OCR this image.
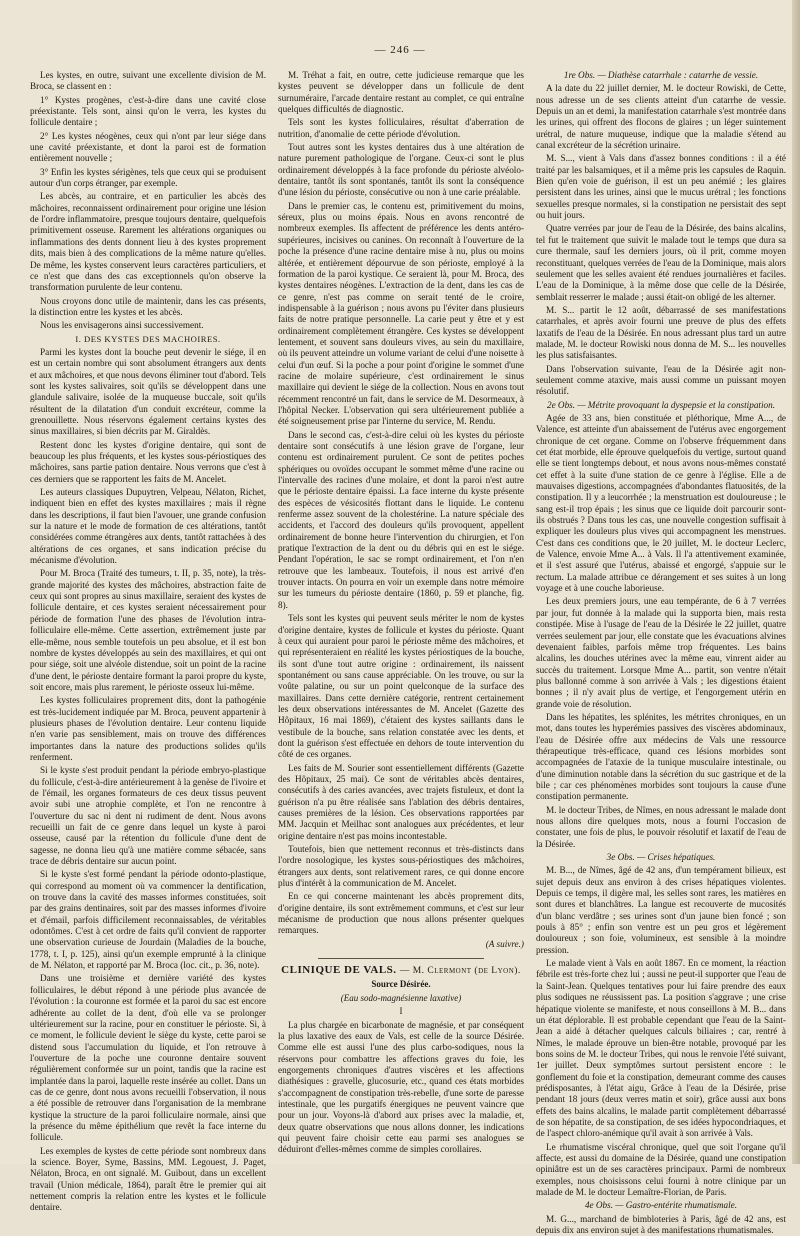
— 246 —

Les kystes, en outre, suivant une excellente division de M. Broca, se classent en :

1° Kystes progènes, c'est-à-dire dans une cavité close préexistante. Tels sont, ainsi qu'on le verra, les kystes du follicule dentaire ;

2° Les kystes néogènes, ceux qui n'ont par leur siége dans une cavité préexistante, et dont la paroi est de formation entièrement nouvelle ;

3° Enfin les kystes sérigènes, tels que ceux qui se produisent autour d'un corps étranger, par exemple.

Les abcès, au contraire, et en particulier les abcès des mâchoires, reconnaissent ordinairement pour origine une lésion de l'ordre inflammatoire, presque toujours dentaire, quelquefois primitivement osseuse. Rarement les altérations organiques ou inflammations des dents donnent lieu à des kystes proprement dits, mais bien à des complications de la même nature qu'elles. De même, les kystes conservent leurs caractères particuliers, et ce n'est que dans des cas exceptionnels qu'on observe la transformation purulente de leur contenu.

Nous croyons donc utile de maintenir, dans les cas présents, la distinction entre les kystes et les abcès.

Nous les envisagerons ainsi successivement.

I. DES KYSTES DES MACHOIRES.

Parmi les kystes dont la bouche peut devenir le siége, il en est un certain nombre qui sont absolument étrangers aux dents et aux mâchoires, et que nous devons éliminer tout d'abord. Tels sont les kystes salivaires, soit qu'ils se développent dans une glandule salivaire, isolée de la muqueuse buccale, soit qu'ils résultent de la dilatation d'un conduit excréteur, comme la grenouillette. Nous réservons également certains kystes des sinus maxillaires, si bien décrits par M. Giraldès.

Restent donc les kystes d'origine dentaire, qui sont de beaucoup les plus fréquents, et les kystes sous-périostiques des mâchoires, sans partie pation dentaire. Nous verrons que c'est à ces derniers que se rapportent les faits de M. Ancelet.

Les auteurs classiques Dupuytren, Velpeau, Nélaton, Richet, indiquent bien en effet des kystes maxillaires ; mais il règne dans les descriptions, il faut bien l'avouer, une grande confusion sur la nature et le mode de formation de ces altérations, tantôt considérées comme étrangères aux dents, tantôt rattachées à des altérations de ces organes, et sans indication précise du mécanisme d'évolution.

Pour M. Broca (Traité des tumeurs, t. II, p. 35, note), la très-grande majorité des kystes des mâchoires, abstraction faite de ceux qui sont propres au sinus maxillaire, seraient des kystes de follicule dentaire, et ces kystes seraient nécessairement pour période de formation l'une des phases de l'évolution intra-folliculaire elle-même. Cette assertion, extrêmement juste par elle-même, nous semble toutefois un peu absolue, et il est bon nombre de kystes développés au sein des maxillaires, et qui ont pour siége, soit une alvéole distendue, soit un point de la racine d'une dent, le périoste dentaire formant la paroi propre du kyste, soit encore, mais plus rarement, le périoste osseux lui-même.

Les kystes folliculaires proprement dits, dont la pathogénie est très-lucidement indiquée par M. Broca, peuvent appartenir à plusieurs phases de l'évolution dentaire. Leur contenu liquide n'en varie pas sensiblement, mais on trouve des différences importantes dans la nature des productions solides qu'ils renferment.

Si le kyste s'est produit pendant la période embryo-plastique du follicule, c'est-à-dire antérieurement à la genèse de l'ivoire et de l'émail, les organes formateurs de ces deux tissus peuvent avoir subi une atrophie complète, et l'on ne rencontre à l'ouverture du sac ni dent ni rudiment de dent. Nous avons recueilli un fait de ce genre dans lequel un kyste à paroi osseuse, causé par la rétention du follicule d'une dent de sagesse, ne donna lieu qu'à une matière comme sébacée, sans trace de débris dentaire sur aucun point.

Si le kyste s'est formé pendant la période odonto-plastique, qui correspond au moment où va commencer la dentification, on trouve dans la cavité des masses informes constituées, soit par des grains dentinaires, soit par des masses informes d'ivoire et d'émail, parfois difficilement reconnaissables, de véritables odontômes. C'est à cet ordre de faits qu'il convient de rapporter une observation curieuse de Jourdain (Maladies de la bouche, 1778, t. I, p. 125), ainsi qu'un exemple emprunté à la clinique de M. Nélaton, et rapporté par M. Broca (loc. cit., p. 36, note).

Dans une troisième et dernière variété des kystes folliculaires, le début répond à une période plus avancée de l'évolution : la couronne est formée et la paroi du sac est encore adhérente au collet de la dent, d'où elle va se prolonger ultérieurement sur la racine, pour en constituer le périoste. Si, à ce moment, le follicule devient le siège du kyste, cette paroi se distend sous l'accumulation du liquide, et l'on retrouve à l'ouverture de la poche une couronne dentaire souvent régulièrement conformée sur un point, tandis que la racine est implantée dans la paroi, laquelle reste insérée au collet. Dans un cas de ce genre, dont nous avons recueilli l'observation, il nous a été possible de retrouver dans l'organisation de la membrane kystique la structure de la paroi folliculaire normale, ainsi que la présence du même épithélium que revêt la face interne du follicule.

Les exemples de kystes de cette période sont nombreux dans la science. Boyer, Syme, Bassins, MM. Legouest, J. Paget, Nélaton, Broca, en ont signalé. M. Guibout, dans un excellent travail (Union médicale, 1864), paraît être le premier qui ait nettement compris la relation entre les kystes et le follicule dentaire.

M. Tréhat a fait, en outre, cette judicieuse remarque que les kystes peuvent se développer dans un follicule de dent surnuméraire, l'arcade dentaire restant au complet, ce qui entraîne quelques difficultés de diagnostic.

Tels sont les kystes folliculaires, résultat d'aberration de nutrition, d'anomalie de cette période d'évolution.

Tout autres sont les kystes dentaires dus à une altération de nature purement pathologique de l'organe. Ceux-ci sont le plus ordinairement développés à la face profonde du périoste alvéolo-dentaire, tantôt ils sont spontanés, tantôt ils sont la conséquence d'une lésion du périoste, consécutive ou non à une carie préalable.

Dans le premier cas, le contenu est, primitivement du moins, séreux, plus ou moins épais. Nous en avons rencontré de nombreux exemples. Ils affectent de préférence les dents antéro-supérieures, incisives ou canines. On reconnaît à l'ouverture de la poche la présence d'une racine dentaire mise à nu, plus ou moins altérée, et entièrement dépourvue de son périoste, employé à la formation de la paroi kystique. Ce seraient là, pour M. Broca, des kystes dentaires néogènes. L'extraction de la dent, dans les cas de ce genre, n'est pas comme on serait tenté de le croire, indispensable à la guérison ; nous avons pu l'éviter dans plusieurs faits de notre pratique personnelle. La carie peut y être et y est ordinairement complètement étrangère. Ces kystes se développent lentement, et souvent sans douleurs vives, au sein du maxillaire, où ils peuvent atteindre un volume variant de celui d'une noisette à celui d'un œuf. Si la poche a pour point d'origine le sommet d'une racine de molaire supérieure, c'est ordinairement le sinus maxillaire qui devient le siége de la collection. Nous en avons tout récemment rencontré un fait, dans le service de M. Desormeaux, à l'hôpital Necker. L'observation qui sera ultérieurement publiée a été soigneusement prise par l'interne du service, M. Rendu.

Dans le second cas, c'est-à-dire celui où les kystes du périoste dentaire sont consécutifs à une lésion grave de l'organe, leur contenu est ordinairement purulent. Ce sont de petites poches sphériques ou ovoïdes occupant le sommet même d'une racine ou l'intervalle des racines d'une molaire, et dont la paroi n'est autre que le périoste dentaire épaissi. La face interne du kyste présente des espèces de vésicosités flottant dans le liquide. Le contenu renferme assez souvent de la cholestérine. La nature spéciale des accidents, et l'accord des douleurs qu'ils provoquent, appellent ordinairement de bonne heure l'intervention du chirurgien, et l'on pratique l'extraction de la dent ou du débris qui en est le siége. Pendant l'opération, le sac se rompt ordinairement, et l'on n'en retrouve que les lambeaux. Toutefois, il nous est arrivé d'en trouver intacts. On pourra en voir un exemple dans notre mémoire sur les tumeurs du périoste dentaire (1860, p. 59 et planche, fig. 8).

Tels sont les kystes qui peuvent seuls mériter le nom de kystes d'origine dentaire, kystes de follicule et kystes du périoste. Quant à ceux qui auraient pour paroi le périoste même des mâchoires, et qui représenteraient en réalité les kystes périostiques de la bouche, ils sont d'une tout autre origine : ordinairement, ils naissent spontanément ou sans cause appréciable. On les trouve, ou sur la voûte palatine, ou sur un point quelconque de la surface des maxillaires. Dans cette dernière catégorie, rentrent certainement les deux observations intéressantes de M. Ancelet (Gazette des Hôpitaux, 16 mai 1869), c'étaient des kystes saillants dans le vestibule de la bouche, sans relation constatée avec les dents, et dont la guérison s'est effectuée en dehors de toute intervention du côté de ces organes.

Les faits de M. Sourier sont essentiellement différents (Gazette des Hôpitaux, 25 mai). Ce sont de véritables abcès dentaires, consécutifs à des caries avancées, avec trajets fistuleux, et dont la guérison n'a pu être réalisée sans l'ablation des débris dentaires, causes premières de la lésion. Ces observations rapportées par MM. Jacquin et Meilhac sont analogues aux précédentes, et leur origine dentaire n'est pas moins incontestable.

Toutefois, bien que nettement reconnus et très-distincts dans l'ordre nosologique, les kystes sous-périostiques des mâchoires, étrangers aux dents, sont relativement rares, ce qui donne encore plus d'intérêt à la communication de M. Ancelet.

En ce qui concerne maintenant les abcès proprement dits, d'origine dentaire, ils sont extrêmement communs, et c'est sur leur mécanisme de production que nous allons présenter quelques remarques.

(A suivre.)

CLINIQUE DE VALS. — M. Clermont (de Lyon).

Source Désirée.

(Eau sodo-magnésienne laxative)

I

La plus chargée en bicarbonate de magnésie, et par conséquent la plus laxative des eaux de Vals, est celle de la source Désirée. Comme elle est aussi l'une des plus carbo-sodiques, nous la réservons pour combattre les affections graves du foie, les engorgements chroniques d'autres viscères et les affections diathésiques : gravelle, glucosurie, etc., quand ces états morbides s'accompagnent de constipation très-rebelle, d'une sorte de paresse intestinale, que les purgatifs énergiques ne peuvent vaincre que pour un jour. Voyons-là d'abord aux prises avec la maladie, et, deux quatre observations que nous allons donner, les indications qui peuvent faire choisir cette eau parmi ses analogues se déduiront d'elles-mêmes comme de simples corollaires.

1re Obs. — Diathèse catarrhale : catarrhe de vessie.

A la date du 22 juillet dernier, M. le docteur Rowiski, de Cette, nous adresse un de ses clients atteint d'un catarrhe de vessie. Depuis un an et demi, la manifestation catarrhale s'est montrée dans les urines, qui offrent des flocons de glaires ; un léger suintement urétral, de nature muqueuse, indique que la maladie s'étend au canal excréteur de la sécrétion urinaire.

M. S..., vient à Vals dans d'assez bonnes conditions : il a été traité par les balsamiques, et il a même pris les capsules de Raquin. Bien qu'en voie de guérison, il est un peu anémié ; les glaires persistent dans les urines, ainsi que le mucus urétral ; les fonctions sexuelles presque normales, si la constipation ne persistait des sept ou huit jours.

Quatre verrées par jour de l'eau de la Désirée, des bains alcalins, tel fut le traitement que suivit le malade tout le temps que dura sa cure thermale, sauf les derniers jours, où il prit, comme moyen reconstituant, quelques verrées de l'eau de la Dominique, mais alors seulement que les selles avaient été rendues journalières et faciles. L'eau de la Dominique, à la même dose que celle de la Désirée, semblait resserrer le malade ; aussi était-on obligé de les alterner.

M. S... partit le 12 août, débarrassé de ses manifestations catarrhales, et après avoir fourni une preuve de plus des effets laxatifs de l'eau de la Désirée. En nous adressant plus tard un autre malade, M. le docteur Rowiski nous donna de M. S... les nouvelles les plus satisfaisantes.

Dans l'observation suivante, l'eau de la Désirée agit non-seulement comme ataxive, mais aussi comme un puissant moyen résolutif.

2e Obs. — Métrite provoquant la dyspepsie et la constipation.

Agée de 33 ans, bien constituée et pléthorique, Mme A..., de Valence, est atteinte d'un abaissement de l'utérus avec engorgement chronique de cet organe. Comme on l'observe fréquemment dans cet état morbide, elle éprouve quelquefois du vertige, surtout quand elle se tient longtemps debout, et nous avons nous-mêmes constaté cet effet à la suite d'une station de ce genre à l'église. Elle a de mauvaises digestions, accompagnées d'abondantes flatuosités, de la constipation. Il y a leucorrhée ; la menstruation est douloureuse ; le sang est-il trop épais ; les sinus que ce liquide doit parcourir sont-ils obstrués ? Dans tous les cas, une nouvelle congestion suffisait à expliquer les douleurs plus vives qui accompagnent les menstrues. C'est dans ces conditions que, le 20 juillet, M. le docteur Leclerc, de Valence, envoie Mme A... à Vals. Il l'a attentivement examinée, et il s'est assuré que l'utérus, abaissé et engorgé, s'appuie sur le rectum. La malade attribue ce dérangement et ses suites à un long voyage et à une couche laborieuse.

Les deux premiers jours, une eau tempérante, de 6 à 7 verrées par jour, fut donnée à la malade qui la supporta bien, mais resta constipée. Mise à l'usage de l'eau de la Désirée le 22 juillet, quatre verrées seulement par jour, elle constate que les évacuations alvines devenaient faibles, parfois même trop fréquentes. Les bains alcalins, les douches utérines avec la même eau, vinrent aider au succès du traitement. Lorsque Mme A... partit, son ventre n'était plus ballonné comme à son arrivée à Vals ; les digestions étaient bonnes ; il n'y avait plus de vertige, et l'engorgement utérin en grande voie de résolution.

Dans les hépatites, les splénites, les métrites chroniques, en un mot, dans toutes les hyperémies passives des viscères abdominaux, l'eau de Désirée offre aux médecins de Vals une ressource thérapeutique très-efficace, quand ces lésions morbides sont accompagnées de l'ataxie de la tunique musculaire intestinale, ou d'une diminution notable dans la sécrétion du suc gastrique et de la bile ; car ces phénomènes morbides sont toujours la cause d'une constipation permanente.

M. le docteur Tribes, de Nîmes, en nous adressant le malade dont nous allons dire quelques mots, nous a fourni l'occasion de constater, une fois de plus, le pouvoir résolutif et laxatif de l'eau de la Désirée.

3e Obs. — Crises hépatiques.

M. B..., de Nîmes, âgé de 42 ans, d'un tempérament bilieux, est sujet depuis deux ans environ à des crises hépatiques violentes. Depuis ce temps, il digère mal, les selles sont rares, les matières en sont dures et blanchâtres. La langue est recouverte de mucosités d'un blanc verdâtre ; ses urines sont d'un jaune bien foncé ; son pouls à 85° ; enfin son ventre est un peu gros et légèrement douloureux ; son foie, volumineux, est sensible à la moindre pression.

Le malade vient à Vals en août 1867. En ce moment, la réaction fébrile est très-forte chez lui ; aussi ne peut-il supporter que l'eau de la Saint-Jean. Quelques tentatives pour lui faire prendre des eaux plus sodiques ne réussissent pas. La position s'aggrave ; une crise hépatique violente se manifeste, et nous conseillons à M. B... dans un état déplorable. Il est probable cependant que l'eau de la Saint-Jean a aidé à détacher quelques calculs biliaires ; car, rentré à Nîmes, le malade éprouve un bien-être notable, provoqué par les bons soins de M. le docteur Tribes, qui nous le renvoie l'été suivant, 1er juillet. Deux symptômes surtout persistent encore : le gonflement du foie et la constipation, demeurant comme des causes prédisposantes, à l'état aigu, Grâce à l'eau de la Désirée, prise pendant 18 jours (deux verres matin et soir), grâce aussi aux bons effets des bains alcalins, le malade partit complètement débarrassé de son hépatite, de sa constipation, de ses idées hypocondriaques, et de l'aspect chloro-anémique qu'il avait à son arrivée à Vals.

Le rhumatisme viscéral chronique, quel que soit l'organe qu'il affecte, est aussi du domaine de la Désirée, quand une constipation opiniâtre est un de ses caractères principaux. Parmi de nombreux exemples, nous choisissons celui fourni à notre clinique par un malade de M. le docteur Lemaître-Florian, de Paris.

4e Obs. — Gastro-entérite rhumatismale.

M. G..., marchand de bimbloteries à Paris, âgé de 42 ans, est depuis dix ans environ sujet à des manifestations rhumatismales.
